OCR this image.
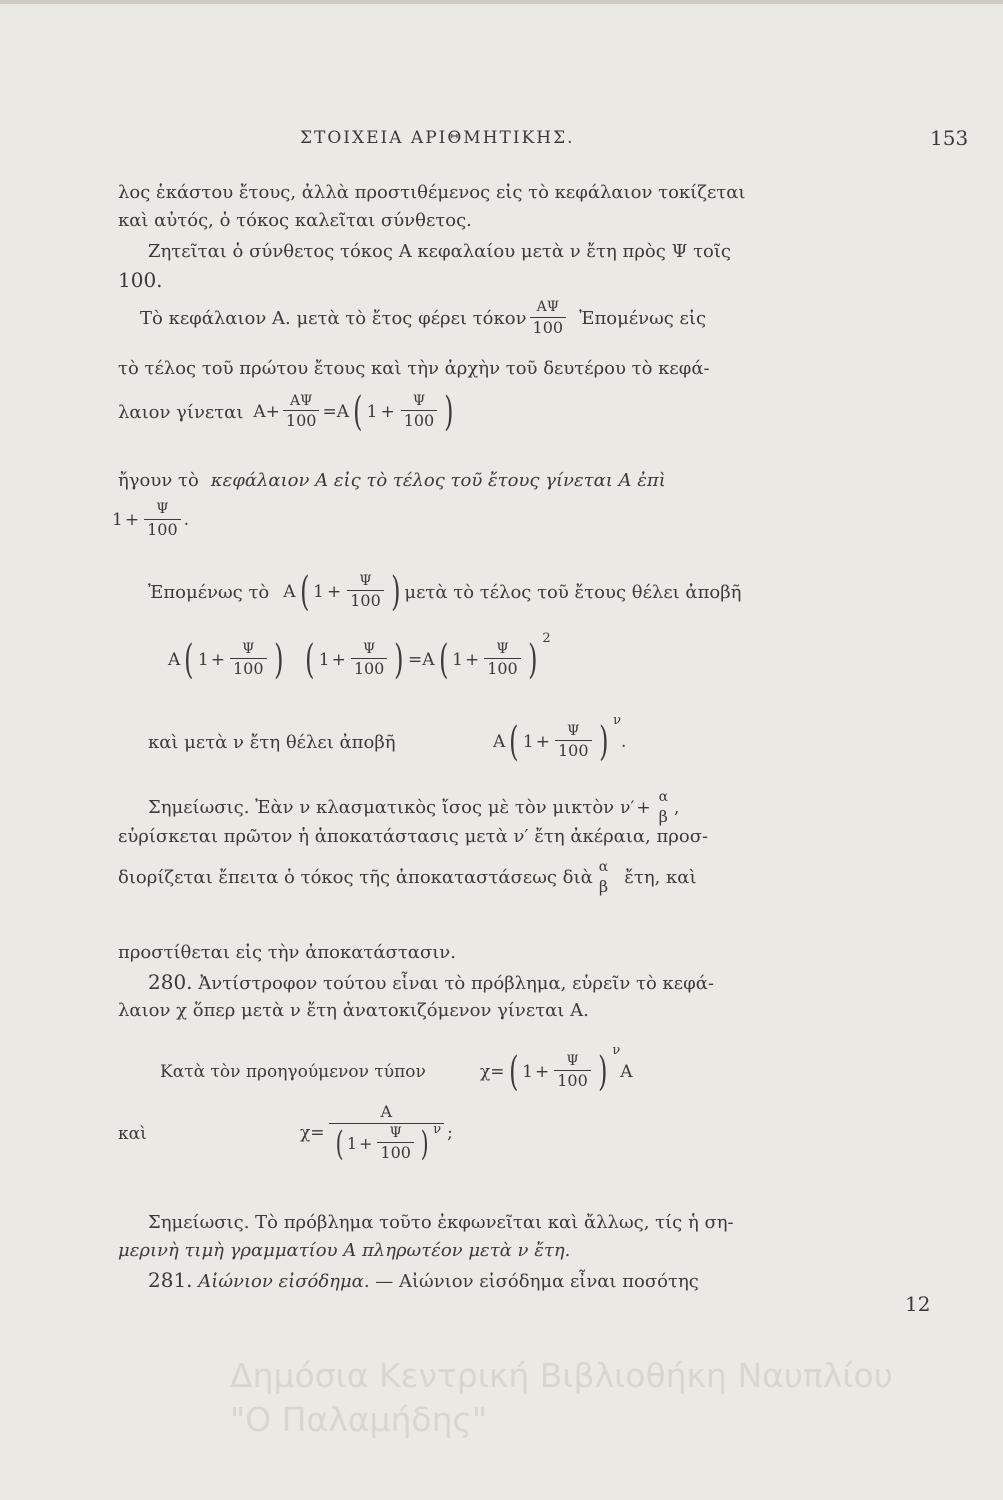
ΣΤΟΙΧΕΙΑ ΑΡΙΘΜΗΤΙΚΗΣ.	153
λος ἑκάστου ἔτους, ἀλλὰ προστιθέμενος εἰς τὸ κεφάλαιον τοκίζεται
καὶ αὐτός, ὁ τόκος καλεῖται σύνθετος.
Ζητεῖται ὁ σύνθετος τόκος Α κεφαλαίου μετὰ ν ἔτη πρὸς Ψ τοῖς
100.
Τὸ κεφάλαιον Α. μετὰ τὸ ἔτος φέρει τόκον $\frac{A\Psi}{100}$ Ἐπομένως εἰς
τὸ τέλος τοῦ πρώτου ἔτους καὶ τὴν ἀρχὴν τοῦ δευτέρου τὸ κεφά-
λαιον γίνεται $A+ \frac{A\Psi}{100} = A$ ( $1 + \frac{\Psi}{100}$ )
ἤγουν τὸ κεφάλαιον Α εἰς τὸ τέλος τοῦ ἔτους γίνεται Α ἐπὶ
$1 + \frac{\Psi}{100}$ .
Ἐπομένως τὸ Α ( $1 + \frac{\Psi}{100}$ ) μετὰ τὸ τέλος τοῦ ἔτους θέλει ἀποβῆ
Α ( $1 + \frac{\Psi}{100}$ ) ( $1 + \frac{\Psi}{100}$ ) = Α ( $1 + \frac{\Psi}{100}$ ) 2
καὶ μετὰ ν ἔτη θέλει ἀποβῆ	Α ( $1 + \frac{\Psi}{100}$ ) ν
.
Σημείωσις. Ἐὰν ν κλασματικὸς ἴσος μὲ τὸν μικτὸν ν′ +
α
β ,
εὑρίσκεται πρῶτον ἡ ἀποκατάστασις μετὰ ν′ ἔτη ἀκέραια, προσ-
διορίζεται ἔπειτα ὁ τόκος τῆς ἀποκαταστάσεως διὰ
α
β ἔτη, καὶ
προστίθεται εἰς τὴν ἀποκατάστασιν.
280. Ἀντίστροφον τούτου εἶναι τὸ πρόβλημα, εὑρεῖν τὸ κεφά-
λαιον χ ὅπερ μετὰ ν ἔτη ἀνατοκιζόμενον γίνεται Α.
Κατὰ τὸν προηγούμενον τύπον	χ= ( $1 + \frac{\Psi}{100}$ ) ν
Α
καὶ	$\chi= \frac{A}{( 1 + \frac{\Psi}{100} ) \nu}$ ;
Σημείωσις. Τὸ πρόβλημα τοῦτο ἐκφωνεῖται καὶ ἄλλως, τίς ἡ ση-
μερινὴ τιμὴ γραμματίου Α πληρωτέον μετὰ ν ἔτη.
281. Αἰώνιον εἰσόδημα. — Αἰώνιον εἰσόδημα εἶναι ποσότης
12
Δημόσια Κεντρική Βιβλιοθήκη Ναυπλίου
"Ο Παλαμήδης"
